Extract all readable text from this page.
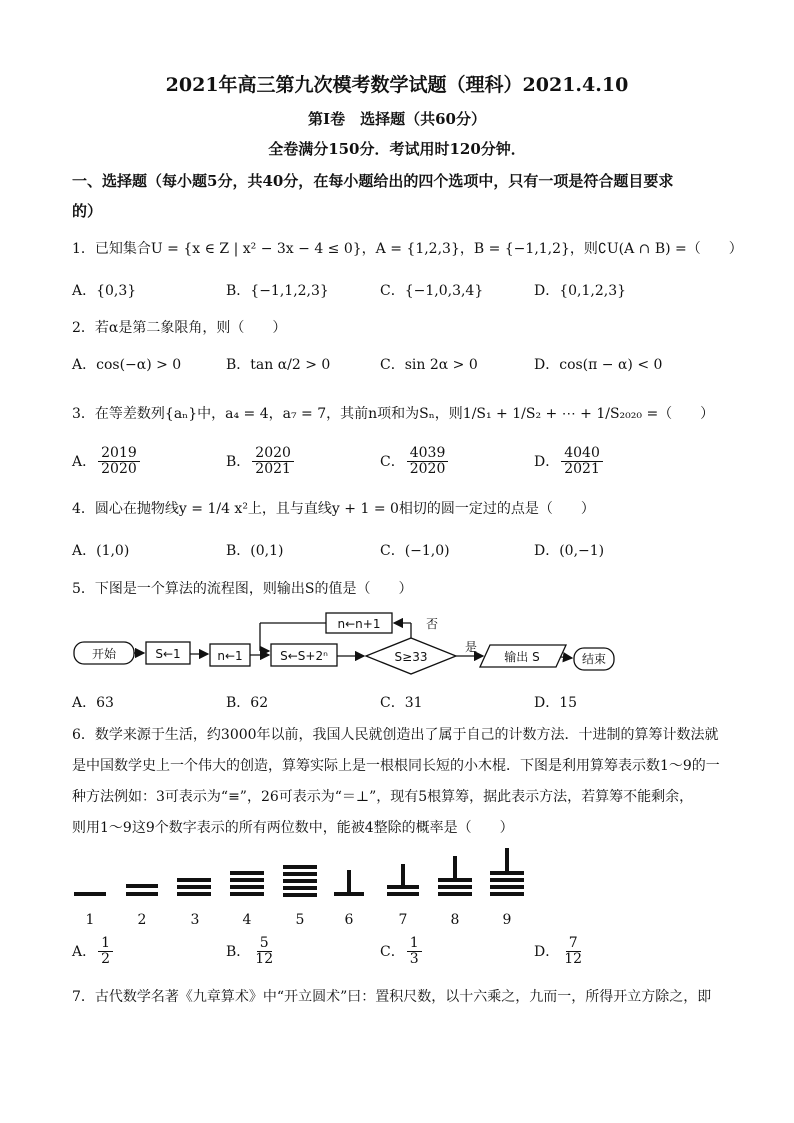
2021年高三第九次模考数学试题（理科）2021.4.10
第Ⅰ卷　选择题（共60分）
全卷满分150分．考试用时120分钟．
一、选择题（每小题5分，共40分，在每小题给出的四个选项中，只有一项是符合题目要求
的）
1．已知集合U = {x ∈ Z | x² − 3x − 4 ≤ 0}，A = {1,2,3}，B = {−1,1,2}，则∁U(A ∩ B) =（　　）
A．{0,3}	B．{−1,1,2,3}	C．{−1,0,3,4}	D．{0,1,2,3}
2．若α是第二象限角，则（　　）
A．cos(−α) > 0	B．tan α/2 > 0	C．sin 2α > 0	D．cos(π − α) < 0
3．在等差数列{aₙ}中，a₄ = 4，a₇ = 7，其前n项和为Sₙ，则1/S₁ + 1/S₂ + ⋯ + 1/S₂₀₂₀ =（　　）
A． $\frac{2019}{2020}$	B． $\frac{2020}{2021}$	C． $\frac{4039}{2020}$	D． $\frac{4040}{2021}$
4．圆心在抛物线y = 1/4 x²上，且与直线y + 1 = 0相切的圆一定过的点是（　　）
A．(1,0)	B．(0,1)	C．(−1,0)	D．(0,−1)
5．下图是一个算法的流程图，则输出S的值是（　　）
开始	S←1	n←1	S←S+2ⁿ	S≥33
n←n+1	否
是
输出 S	结束
A．63	B．62	C．31	D．15
6．数学来源于生活，约3000年以前，我国人民就创造出了属于自己的计数方法．十进制的算筹计数法就
是中国数学史上一个伟大的创造，算筹实际上是一根根同长短的小木棍．下图是利用算筹表示数1～9的一
种方法例如：3可表示为“≡”，26可表示为“＝⊥”，现有5根算筹，据此表示方法，若算筹不能剩余，
则用1～9这9个数字表示的所有两位数中，能被4整除的概率是（　　）
1	2	3	4	5	6	7	8	9
A． $\frac{1}{2}$	B． $\frac{5}{12}$	C． $\frac{1}{3}$	D． $\frac{7}{12}$
7．古代数学名著《九章算术》中“开立圆术”曰：置积尺数，以十六乘之，九而一，所得开立方除之，即
